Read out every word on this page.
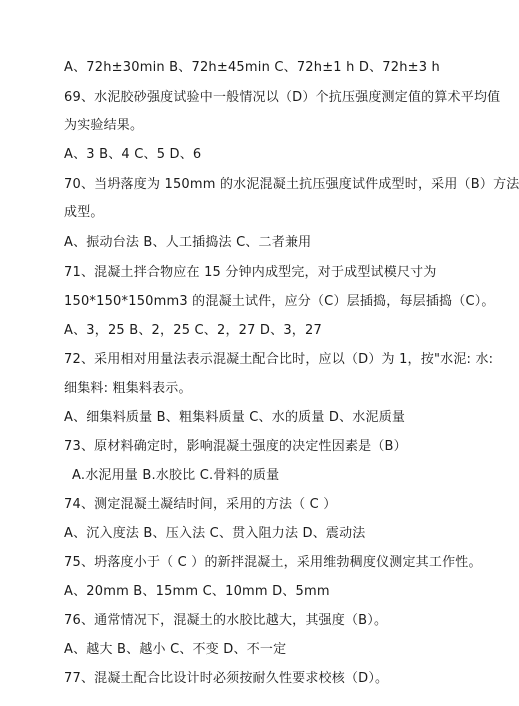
A、72h±30min B、72h±45min C、72h±1 h D、72h±3 h
69、水泥胶砂强度试验中一般情况以（D）个抗压强度测定值的算术平均值
为实验结果。
A、3 B、4 C、5 D、6
70、当坍落度为 150mm 的水泥混凝土抗压强度试件成型时，采用（B）方法
成型。
A、振动台法 B、人工插捣法 C、二者兼用
71、混凝土拌合物应在 15 分钟内成型完，对于成型试模尺寸为
150*150*150mm3 的混凝土试件，应分（C）层插捣，每层插捣（C）。
A、3，25 B、2，25 C、2，27 D、3，27
72、采用相对用量法表示混凝土配合比时，应以（D）为 1，按"水泥: 水:
细集料: 粗集料表示。
A、细集料质量 B、粗集料质量 C、水的质量 D、水泥质量
73、原材料确定时，影响混凝土强度的决定性因素是（B）
A.水泥用量 B.水胶比 C.骨料的质量
74、测定混凝土凝结时间，采用的方法（ C ）
A、沉入度法 B、压入法 C、贯入阻力法 D、震动法
75、坍落度小于（ C ）的新拌混凝土，采用维勃稠度仪测定其工作性。
A、20mm B、15mm C、10mm D、5mm
76、通常情况下，混凝土的水胶比越大，其强度（B）。
A、越大 B、越小 C、不变 D、不一定
77、混凝土配合比设计时必须按耐久性要求校核（D）。
